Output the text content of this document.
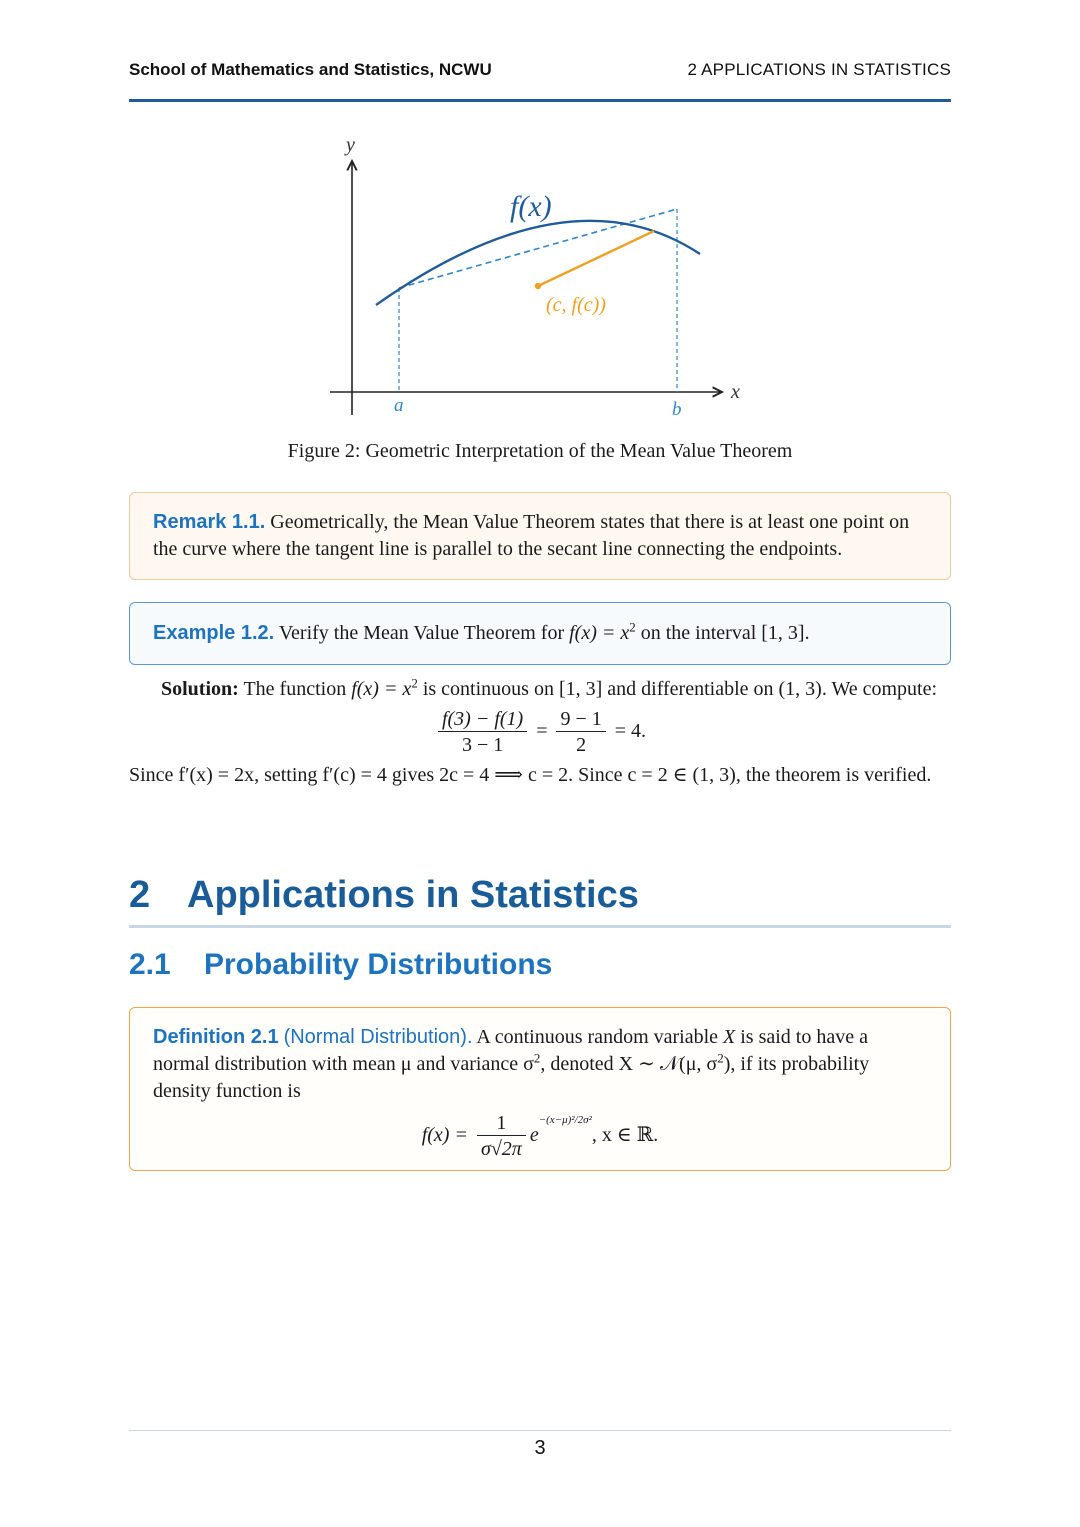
School of Mathematics and Statistics, NCWU	2 APPLICATIONS IN STATISTICS
y
x
f(x)
(c, f(c))
a	b
Figure 2: Geometric Interpretation of the Mean Value Theorem
Remark 1.1. Geometrically, the Mean Value Theorem states that there is at least one point on the curve where the tangent line is parallel to the secant line connecting the endpoints.
Example 1.2. Verify the Mean Value Theorem for $f(x) = x^2$ on the interval [1, 3].

Solution: The function $f(x) = x^2$ is continuous on [1, 3] and differentiable on (1, 3). We compute:

$\frac{f(3) - f(1)}{3 - 1} = \frac{9 - 1}{2} = 4$.

Since f′(x) = 2x, setting f′(c) = 4 gives 2c = 4 ⟹ c = 2. Since c = 2 ∈ (1, 3), the theorem is verified.

2 Applications in Statistics
2.1 Probability Distributions
Definition 2.1 (Normal Distribution). A continuous random variable X is said to have a normal distribution with mean μ and variance $\sigma^2$, denoted X ∼ 𝒩(μ, $\sigma^2$), if its probability density function is
$f(x) = \frac{1}{\sigma√2\pi} e^{-(x-\mu)^2/2\sigma^2}$, x ∈ ℝ.
3
